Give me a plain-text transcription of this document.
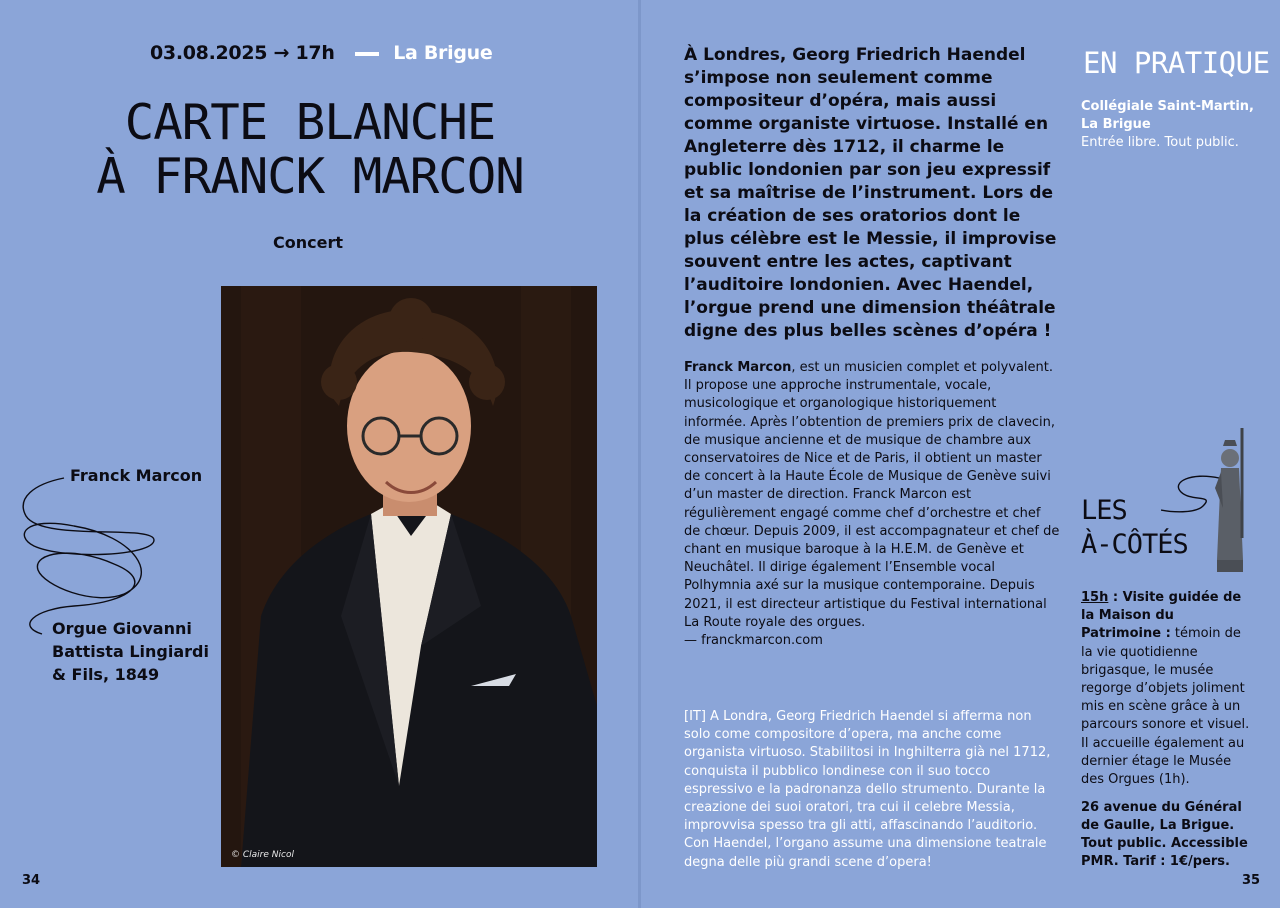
03.08.2025 → 17h	La Brigue
CARTE BLANCHE
À FRANCK MARCON
Concert
Franck Marcon
Orgue Giovanni Battista Lingiardi & Fils, 1849
© Claire Nicol
34
À Londres, Georg Friedrich Haendel s’impose non seulement comme compositeur d’opéra, mais aussi comme organiste virtuose. Installé en Angleterre dès 1712, il charme le public londonien par son jeu expressif et sa maîtrise de l’instrument. Lors de la création de ses oratorios dont le plus célèbre est le Messie, il improvise souvent entre les actes, captivant l’auditoire londonien. Avec Haendel, l’orgue prend une dimension théâtrale digne des plus belles scènes d’opéra !
Franck Marcon, est un musicien complet et polyvalent. Il propose une approche instrumentale, vocale, musicologique et organologique historiquement informée. Après l’obtention de premiers prix de clavecin, de musique ancienne et de musique de chambre aux conservatoires de Nice et de Paris, il obtient un master de concert à la Haute École de Musique de Genève suivi d’un master de direction. Franck Marcon est régulièrement engagé comme chef d’orchestre et chef de chœur. Depuis 2009, il est accompagnateur et chef de chant en musique baroque à la H.E.M. de Genève et Neuchâtel. Il dirige également l’Ensemble vocal Polhymnia axé sur la musique contemporaine. Depuis 2021, il est directeur artistique du Festival international La Route royale des orgues.
— franckmarcon.com
[IT] A Londra, Georg Friedrich Haendel si afferma non solo come compositore d’opera, ma anche come organista virtuoso. Stabilitosi in Inghilterra già nel 1712, conquista il pubblico londinese con il suo tocco espressivo e la padronanza dello strumento. Durante la creazione dei suoi oratori, tra cui il celebre Messia, improvvisa spesso tra gli atti, affascinando l’auditorio. Con Haendel, l’organo assume una dimensione teatrale degna delle più grandi scene d’opera!
EN PRATIQUE
Collégiale Saint-Martin,
La Brigue
Entrée libre. Tout public.
LES
À-CÔTÉS
15h : Visite guidée de la Maison du Patrimoine : témoin de la vie quotidienne brigasque, le musée regorge d’objets joliment mis en scène grâce à un parcours sonore et visuel. Il accueille également au dernier étage le Musée des Orgues (1h).
26 avenue du Général de Gaulle, La Brigue. Tout public. Accessible PMR. Tarif : 1€/pers.
35
